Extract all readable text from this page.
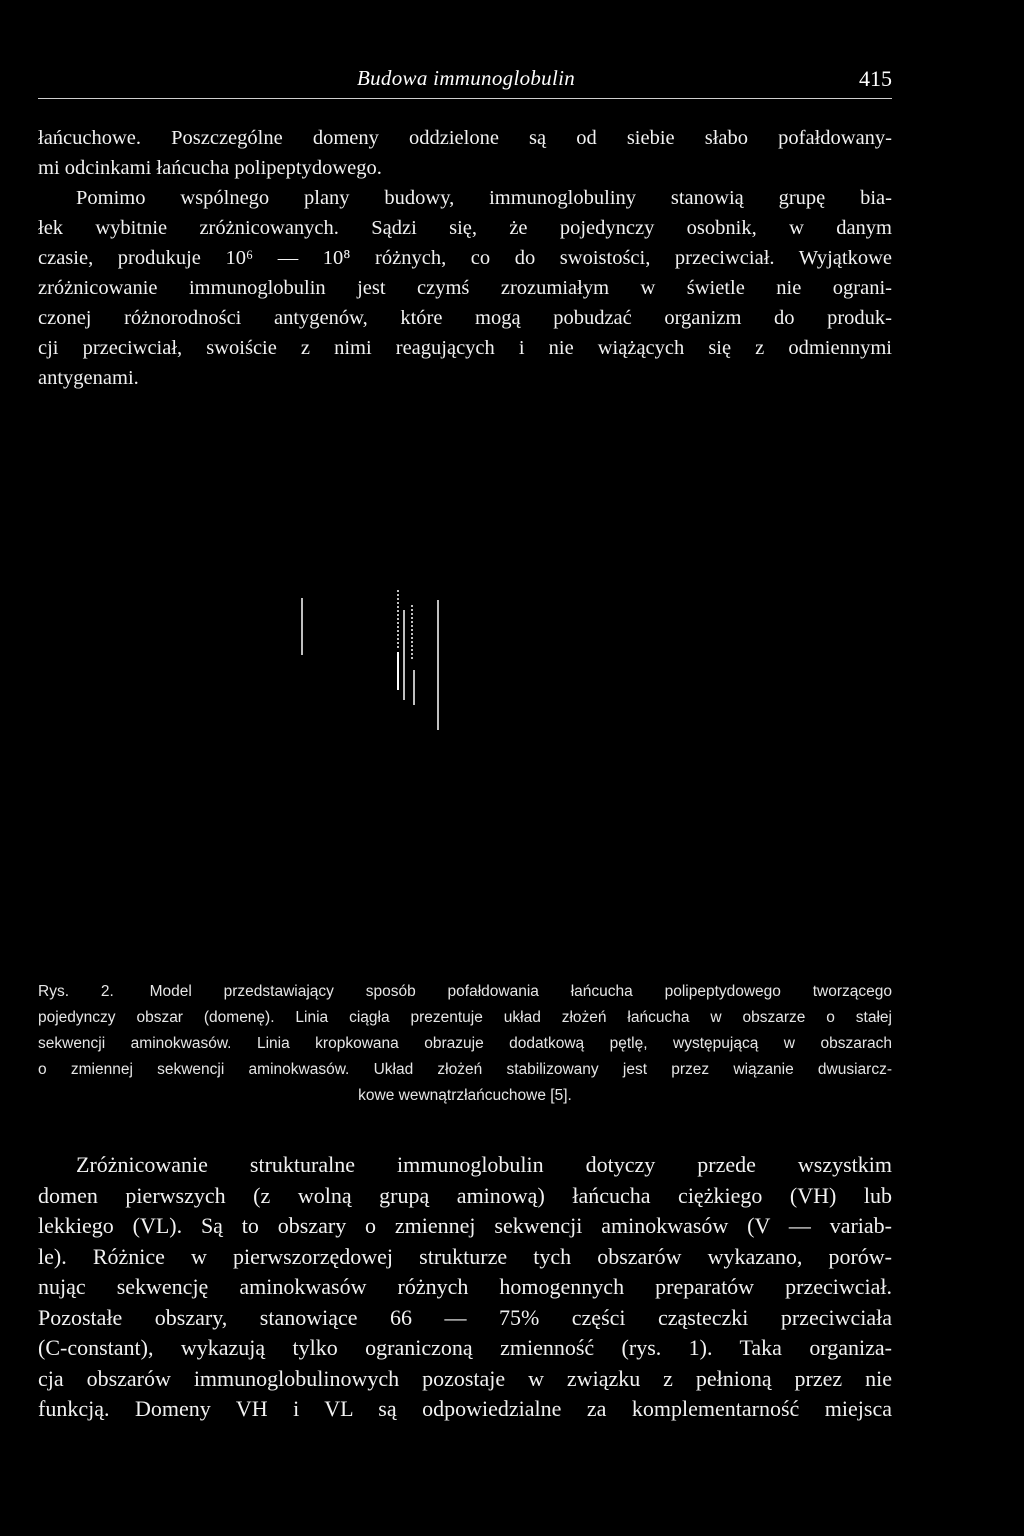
Budowa immunoglobulin	415
łańcuchowe. Poszczególne domeny oddzielone są od siebie słabo pofałdowany-
mi odcinkami łańcucha polipeptydowego.
Pomimo wspólnego plany budowy, immunoglobuliny stanowią grupę bia-
łek wybitnie zróżnicowanych. Sądzi się, że pojedynczy osobnik, w danym
czasie, produkuje 10⁶ — 10⁸ różnych, co do swoistości, przeciwciał. Wyjątkowe
zróżnicowanie immunoglobulin jest czymś zrozumiałym w świetle nie ograni-
czonej różnorodności antygenów, które mogą pobudzać organizm do produk-
cji przeciwciał, swoiście z nimi reagujących i nie wiążących się z odmiennymi
antygenami.
Rys. 2. Model przedstawiający sposób pofałdowania łańcucha polipeptydowego tworzącego
pojedynczy obszar (domenę). Linia ciągła prezentuje układ złożeń łańcucha w obszarze o stałej
sekwencji aminokwasów. Linia kropkowana obrazuje dodatkową pętlę, występującą w obszarach
o zmiennej sekwencji aminokwasów. Układ złożeń stabilizowany jest przez wiązanie dwusiarcz-
kowe wewnątrzłańcuchowe [5].
Zróżnicowanie strukturalne immunoglobulin dotyczy przede wszystkim
domen pierwszych (z wolną grupą aminową) łańcucha ciężkiego (VH) lub
lekkiego (VL). Są to obszary o zmiennej sekwencji aminokwasów (V — variab-
le). Różnice w pierwszorzędowej strukturze tych obszarów wykazano, porów-
nując sekwencję aminokwasów różnych homogennych preparatów przeciwciał.
Pozostałe obszary, stanowiące 66 — 75% części cząsteczki przeciwciała
(C-constant), wykazują tylko ograniczoną zmienność (rys. 1). Taka organiza-
cja obszarów immunoglobulinowych pozostaje w związku z pełnioną przez nie
funkcją. Domeny VH i VL są odpowiedzialne za komplementarność miejsca
